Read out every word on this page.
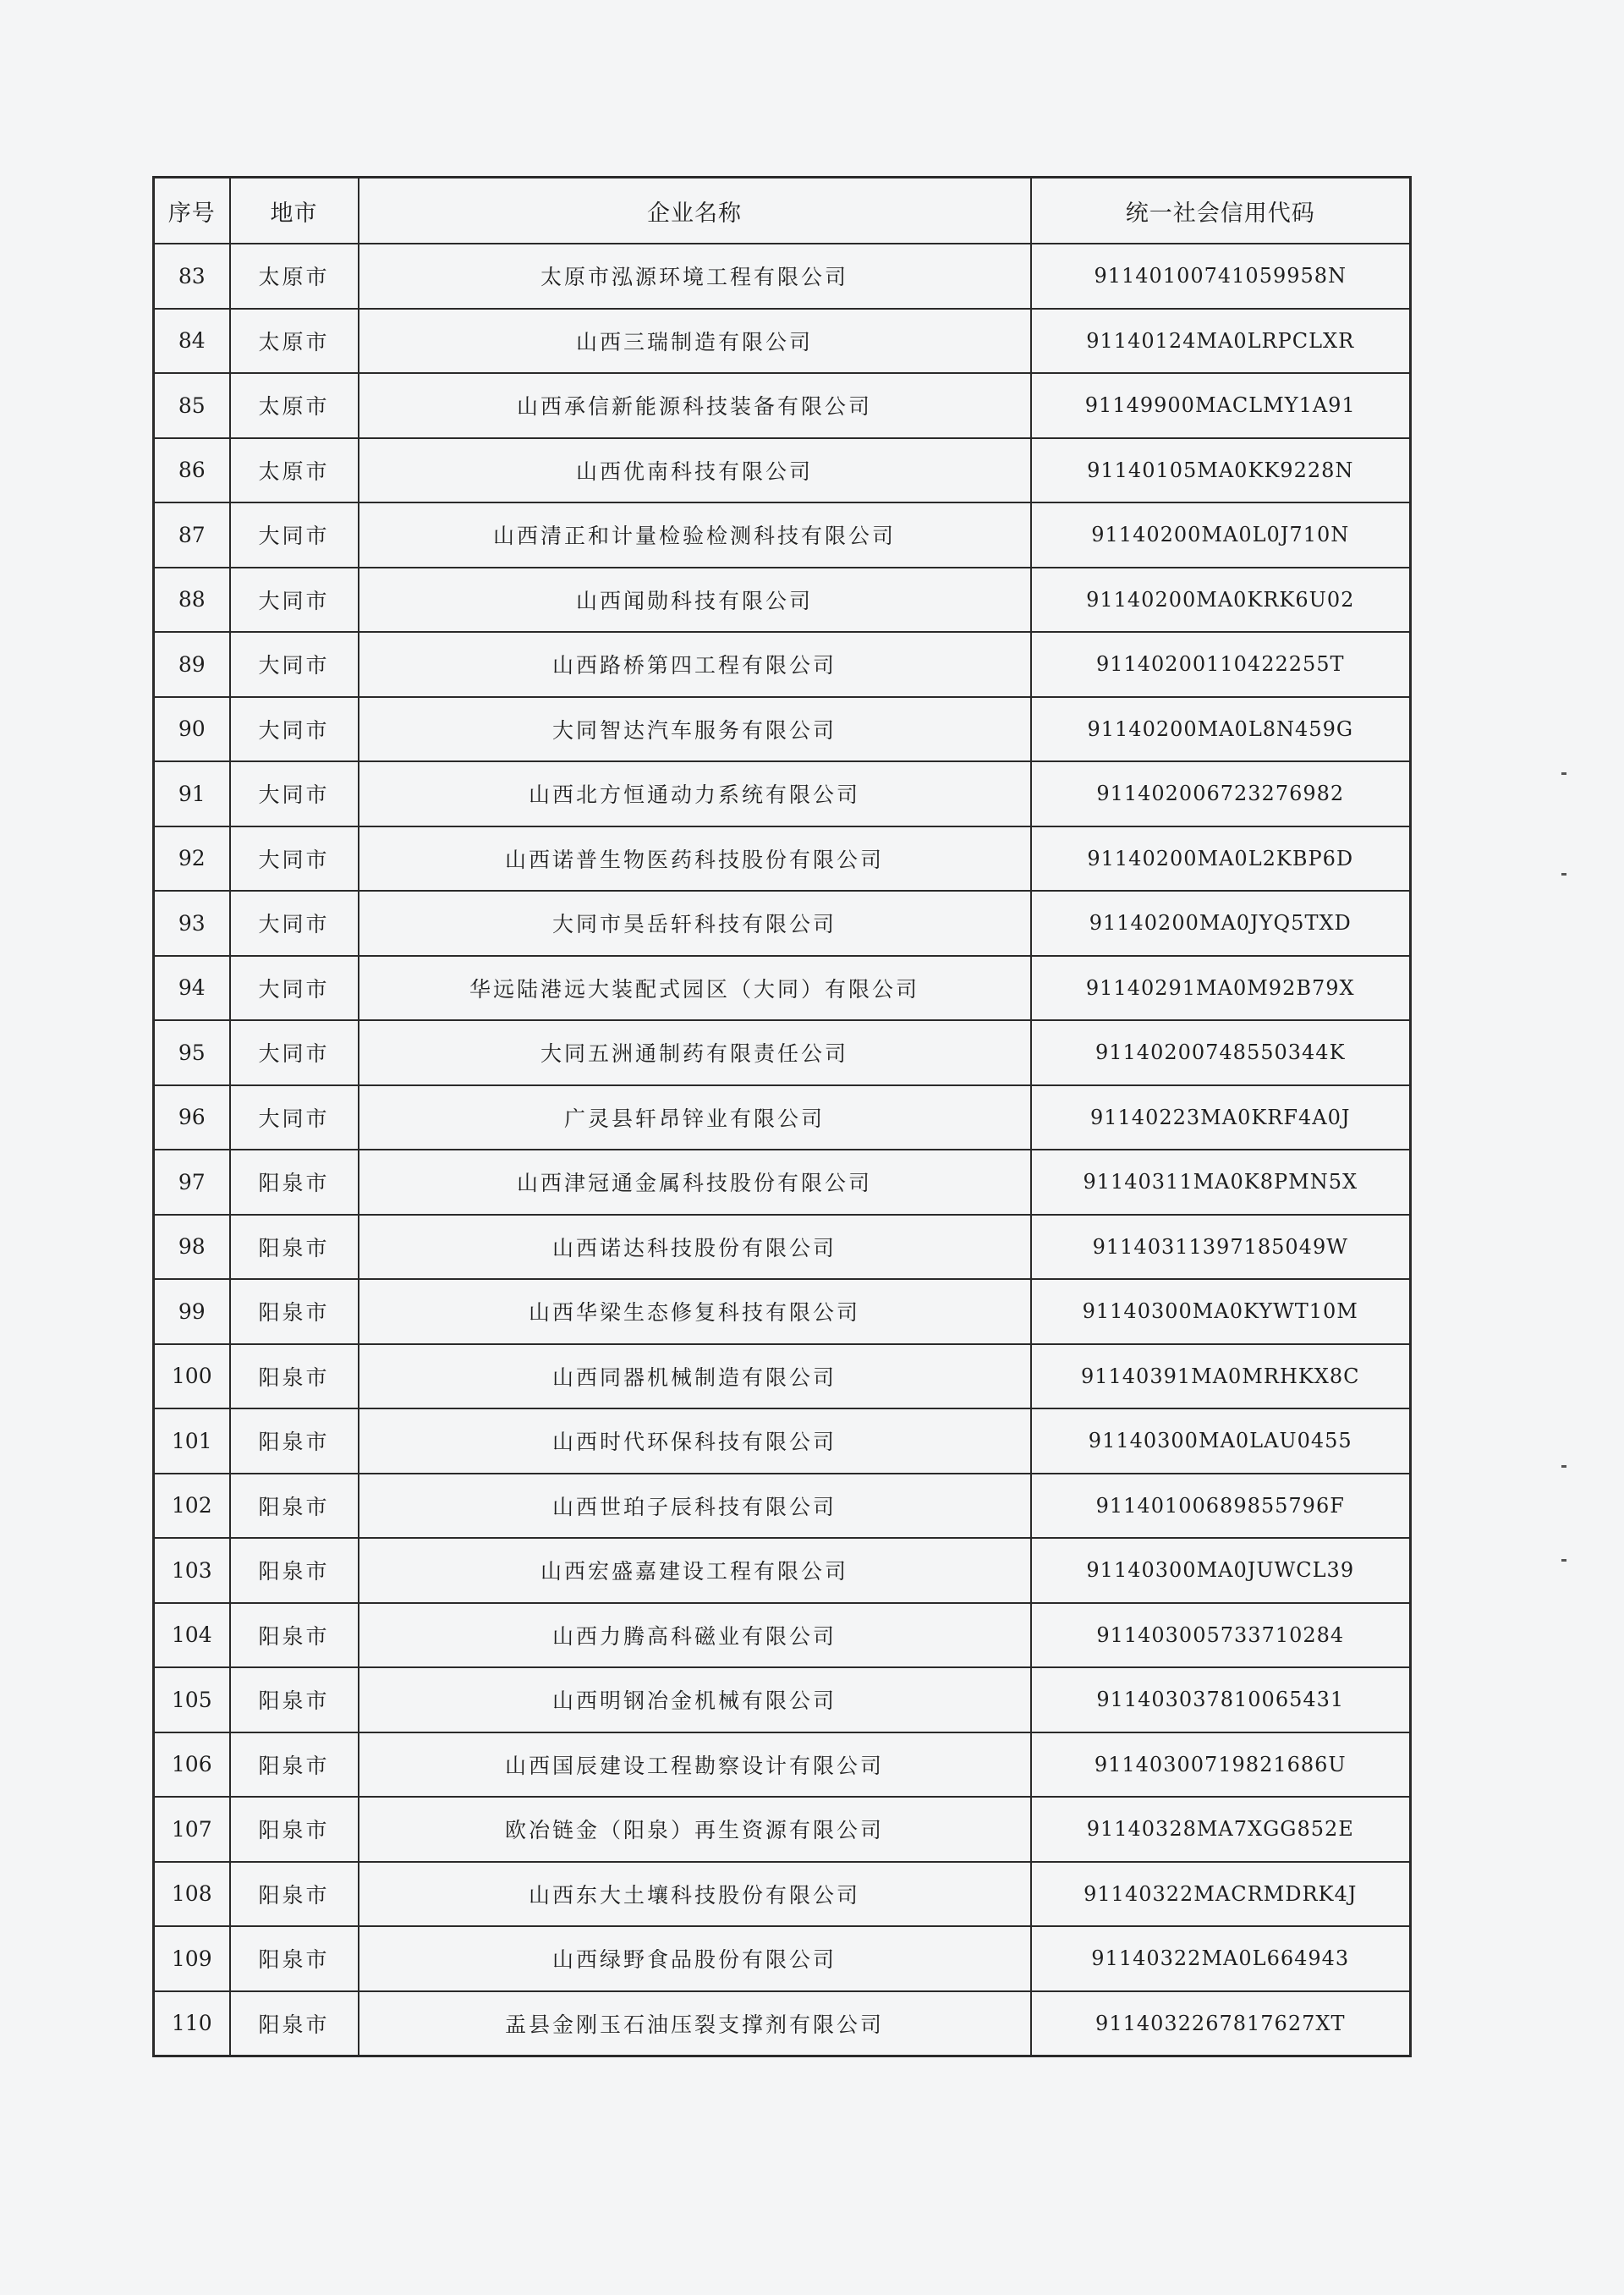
序号	地市	企业名称	统一社会信用代码
83	太原市	太原市泓源环境工程有限公司	91140100741059958N
84	太原市	山西三瑞制造有限公司	91140124MA0LRPCLXR
85	太原市	山西承信新能源科技装备有限公司	91149900MACLMY1A91
86	太原市	山西优南科技有限公司	91140105MA0KK9228N
87	大同市	山西清正和计量检验检测科技有限公司	91140200MA0L0J710N
88	大同市	山西闻勋科技有限公司	91140200MA0KRK6U02
89	大同市	山西路桥第四工程有限公司	91140200110422255T
90	大同市	大同智达汽车服务有限公司	91140200MA0L8N459G
91	大同市	山西北方恒通动力系统有限公司	911402006723276982
92	大同市	山西诺普生物医药科技股份有限公司	91140200MA0L2KBP6D
93	大同市	大同市昊岳轩科技有限公司	91140200MA0JYQ5TXD
94	大同市	华远陆港远大装配式园区（大同）有限公司	91140291MA0M92B79X
95	大同市	大同五洲通制药有限责任公司	91140200748550344K
96	大同市	广灵县轩昂锌业有限公司	91140223MA0KRF4A0J
97	阳泉市	山西津冠通金属科技股份有限公司	91140311MA0K8PMN5X
98	阳泉市	山西诺达科技股份有限公司	91140311397185049W
99	阳泉市	山西华梁生态修复科技有限公司	91140300MA0KYWT10M
100	阳泉市	山西同器机械制造有限公司	91140391MA0MRHKX8C
101	阳泉市	山西时代环保科技有限公司	91140300MA0LAU0455
102	阳泉市	山西世珀子辰科技有限公司	91140100689855796F
103	阳泉市	山西宏盛嘉建设工程有限公司	91140300MA0JUWCL39
104	阳泉市	山西力腾高科磁业有限公司	911403005733710284
105	阳泉市	山西明钢冶金机械有限公司	911403037810065431
106	阳泉市	山西国辰建设工程勘察设计有限公司	91140300719821686U
107	阳泉市	欧冶链金（阳泉）再生资源有限公司	91140328MA7XGG852E
108	阳泉市	山西东大土壤科技股份有限公司	91140322MACRMDRK4J
109	阳泉市	山西绿野食品股份有限公司	91140322MA0L664943
110	阳泉市	盂县金刚玉石油压裂支撑剂有限公司	9114032267817627XT
